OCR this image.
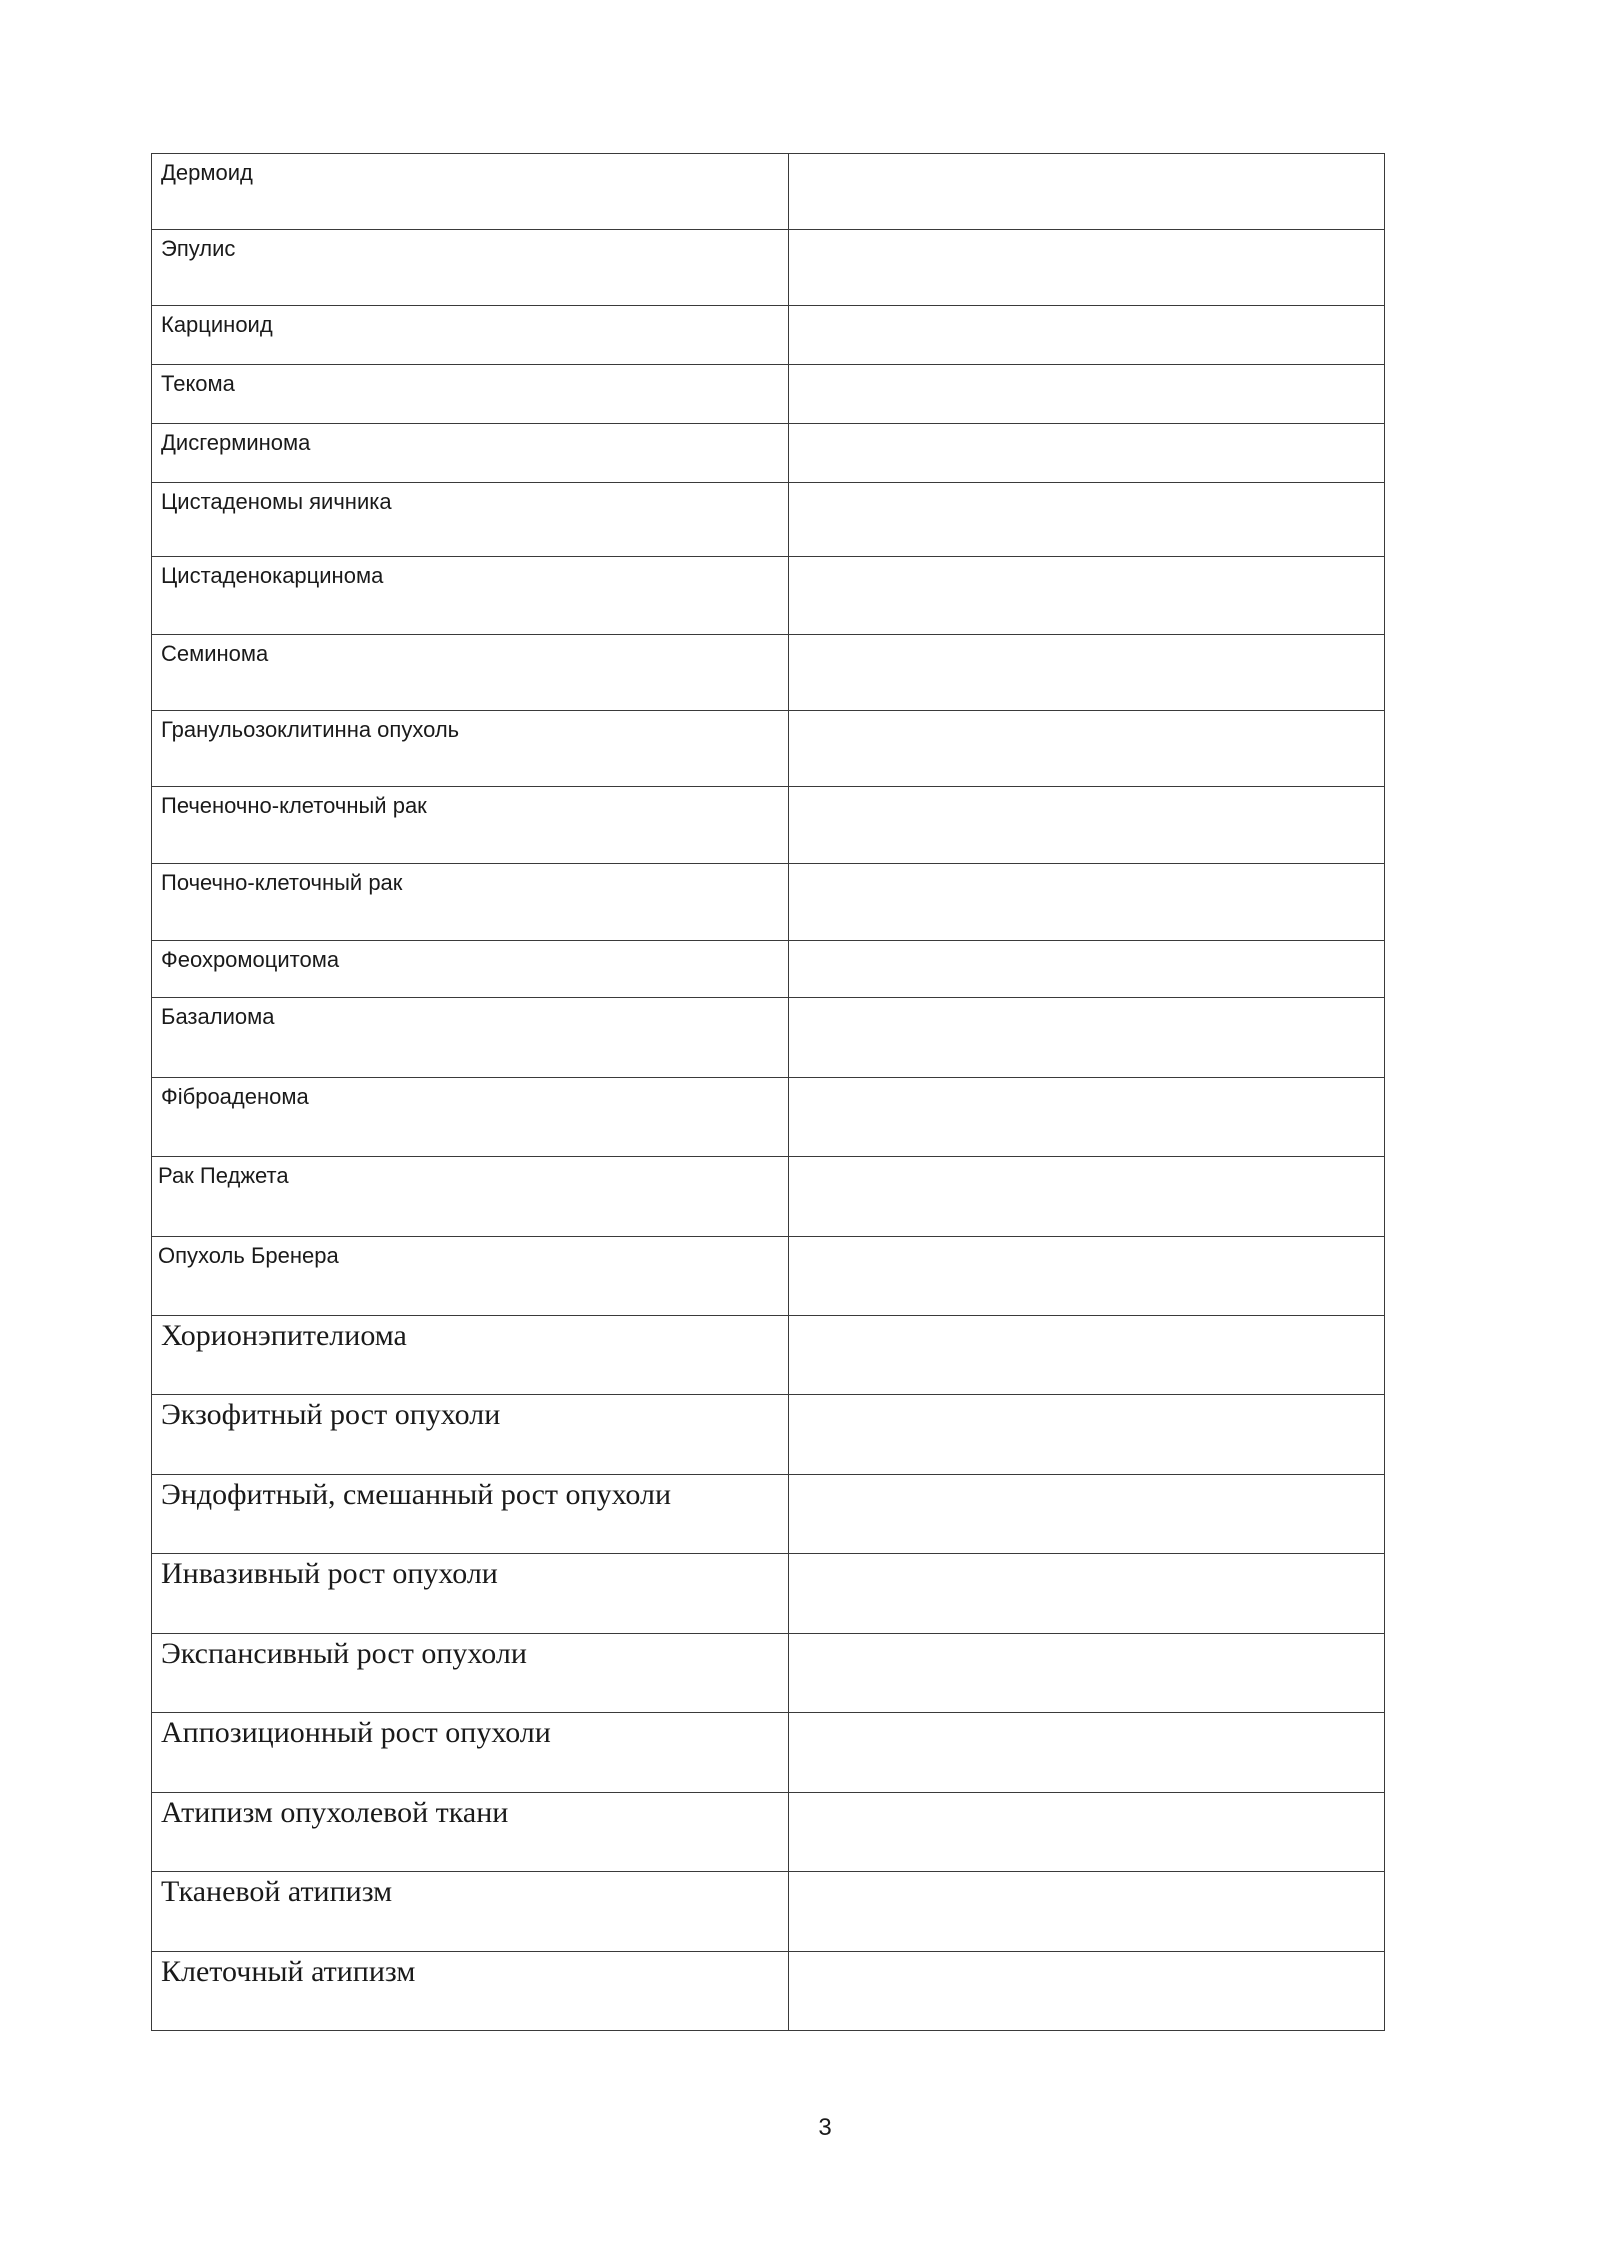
Дермоид	

Эпулис	

Карциноид	

Текома	

Дисгерминома	

Цистаденомы яичника	

Цистаденокарцинома	

Семинома	

Гранульозоклитинна опухоль	

Печеночно-клеточный рак	

Почечно-клеточный рак	

Феохромоцитома	

Базалиома	

Фіброаденома	

Рак Педжета	

Опухоль Бренера	

Хорионэпителиома	

Экзофитный рост опухоли	

Эндофитный, смешанный рост опухоли	

Инвазивный рост опухоли	

Экспансивный рост опухоли	

Аппозиционный рост опухоли	

Атипизм опухолевой ткани	

Тканевой атипизм	

Клеточный атипизм	

3
